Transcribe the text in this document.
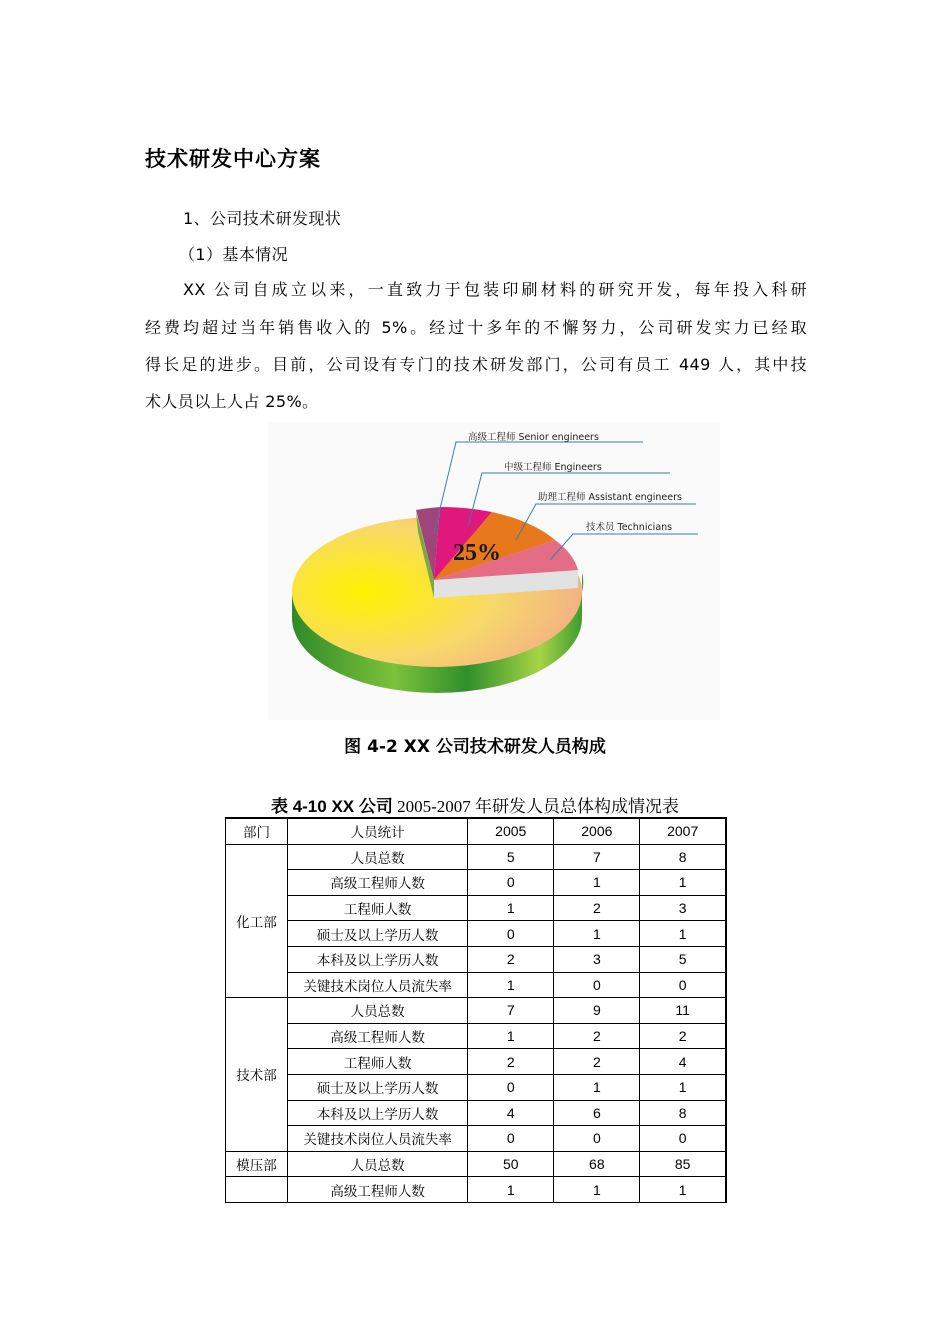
技术研发中心方案
1、公司技术研发现状
（1）基本情况
XX 公司自成立以来，一直致力于包装印刷材料的研究开发，每年投入科研
经费均超过当年销售收入的 5%。经过十多年的不懈努力，公司研发实力已经取
得长足的进步。目前，公司设有专门的技术研发部门，公司有员工 449 人，其中技
术人员以上人占 25%。
高级工程师 Senior engineers
中级工程师 Engineers
助理工程师 Assistant engineers
技术员 Technicians
25%
图 4-2 XX 公司技术研发人员构成
表 4-10 XX 公司 2005-2007 年研发人员总体构成情况表
部门	人员统计	2005	2006	2007
化工部	人员总数	5	7	8
	高级工程师人数	0	1	1
	工程师人数	1	2	3
	硕士及以上学历人数	0	1	1
	本科及以上学历人数	2	3	5
	关键技术岗位人员流失率	1	0	0
技术部	人员总数	7	9	11
	高级工程师人数	1	2	2
	工程师人数	2	2	4
	硕士及以上学历人数	0	1	1
	本科及以上学历人数	4	6	8
	关键技术岗位人员流失率	0	0	0
模压部	人员总数	50	68	85
	高级工程师人数	1	1	1
